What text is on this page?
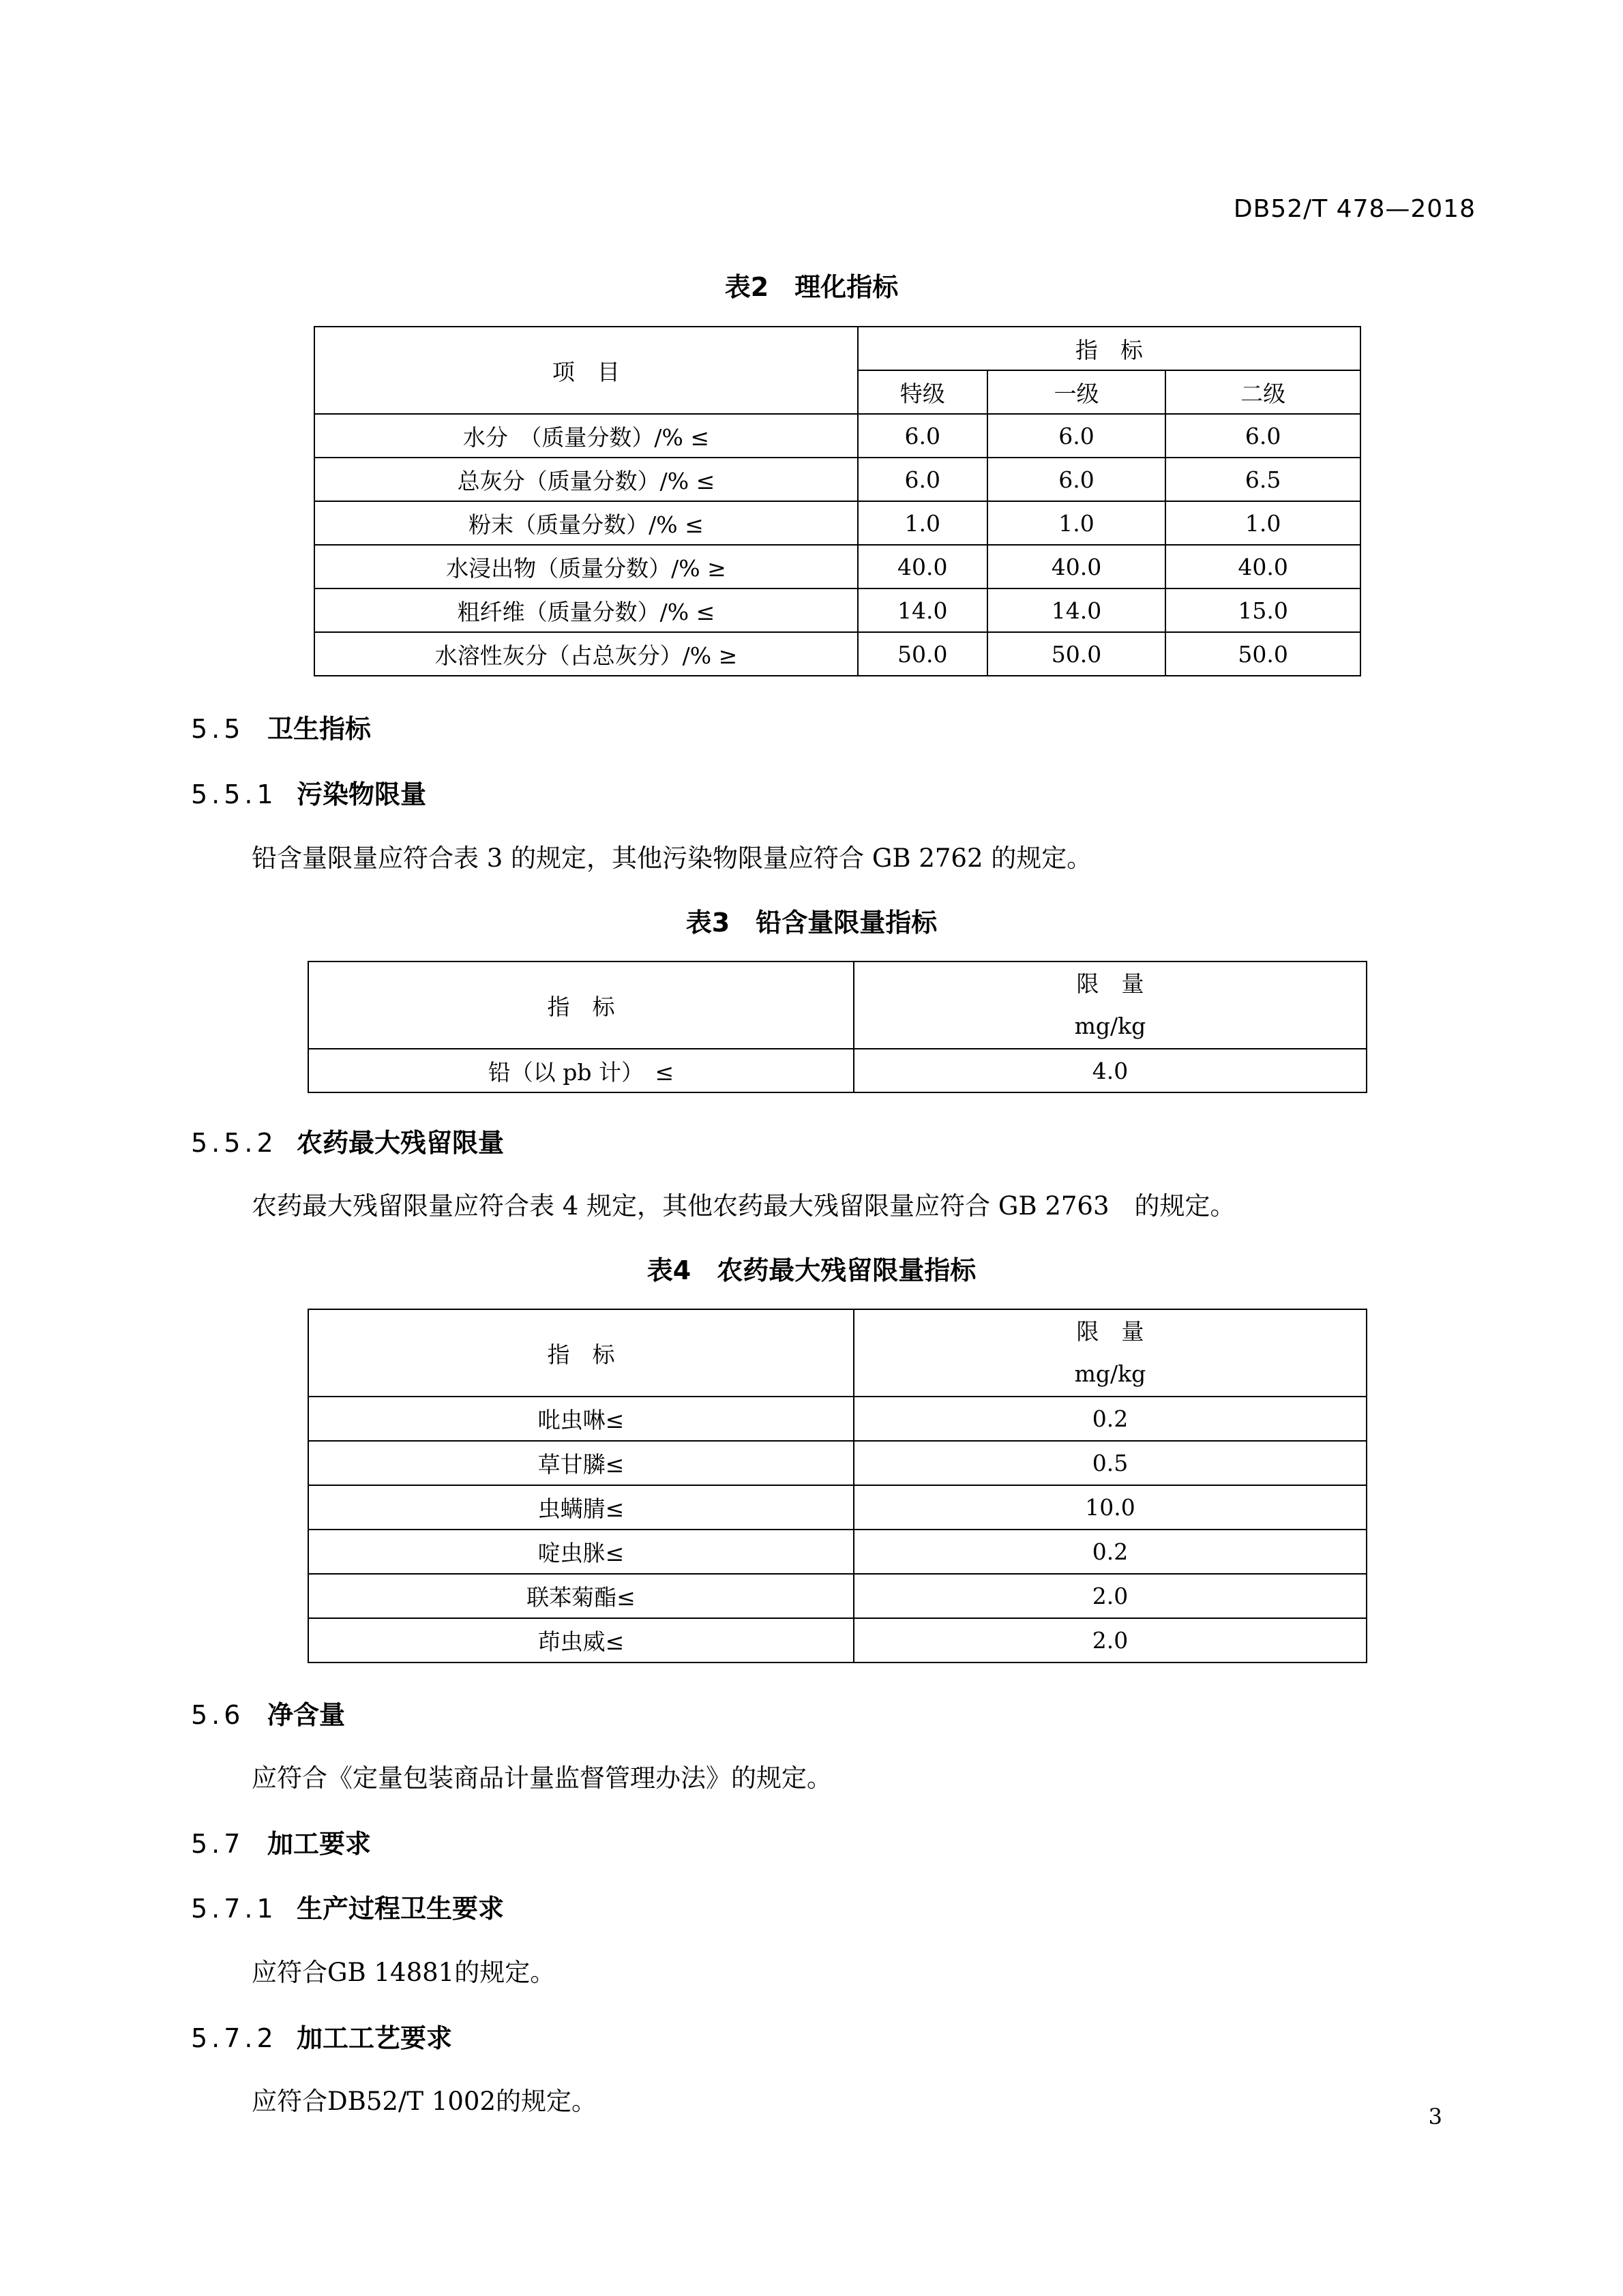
DB52/T 478—2018
表2　理化指标
项　目	指　标		
	特级	一级	二级
水分　（质量分数）/% ≤	6.0	6.0	6.0
总灰分（质量分数）/% ≤	6.0	6.0	6.5
粉末（质量分数）/% ≤	1.0	1.0	1.0
水浸出物（质量分数）/% ≥	40.0	40.0	40.0
粗纤维（质量分数）/% ≤	14.0	14.0	15.0
水溶性灰分（占总灰分）/% ≥	50.0	50.0	50.0
5.5 卫生指标
5.5.1 污染物限量
铅含量限量应符合表 3 的规定，其他污染物限量应符合 GB 2762 的规定。
表3　铅含量限量指标
指　标	限　量
mg/kg

铅（以 pb 计）　≤	4.0
5.5.2 农药最大残留限量
农药最大残留限量应符合表 4 规定，其他农药最大残留限量应符合 GB 2763　的规定。
表4　农药最大残留限量指标
指　标	限　量
mg/kg

吡虫啉≤	0.2
草甘膦≤	0.5
虫螨腈≤	10.0
啶虫脒≤	0.2
联苯菊酯≤	2.0
茚虫威≤	2.0
5.6 净含量
应符合《定量包装商品计量监督管理办法》的规定。
5.7 加工要求
5.7.1 生产过程卫生要求
应符合GB 14881的规定。
5.7.2 加工工艺要求
应符合DB52/T 1002的规定。
3
